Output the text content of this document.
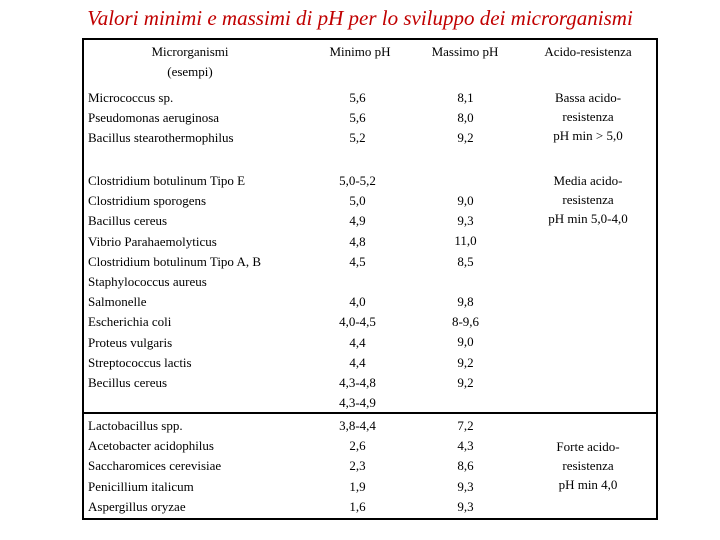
Valori minimi e massimi di pH per lo sviluppo dei microrganismi
Microrganismi
(esempi)
Minimo pH	Massimo pH	Acido-resistenza
Micrococcus sp.
Pseudomonas aeruginosa
Bacillus stearothermophilus
5,6
5,6
5,2
8,1
8,0
9,2
Bassa acido-
resistenza
pH min > 5,0
Clostridium botulinum Tipo E
Clostridium sporogens
Bacillus cereus
Vibrio Parahaemolyticus
Clostridium botulinum Tipo A, B
Staphylococcus aureus
Salmonelle
Escherichia coli
Proteus vulgaris
Streptococcus lactis
Becillus cereus
5,0-5,2
5,0
4,9
4,8
4,5
4,0
4,0-4,5
4,4
4,4
4,3-4,8
4,3-4,9
9,0
9,3
11,0
8,5
9,8
8-9,6
9,0
9,2
9,2
Media acido-
resistenza
pH min 5,0-4,0
Lactobacillus spp.
Acetobacter acidophilus
Saccharomices cerevisiae
Penicillium italicum
Aspergillus oryzae
3,8-4,4
2,6
2,3
1,9
1,6
7,2
4,3
8,6
9,3
9,3
Forte acido-
resistenza
pH min 4,0
